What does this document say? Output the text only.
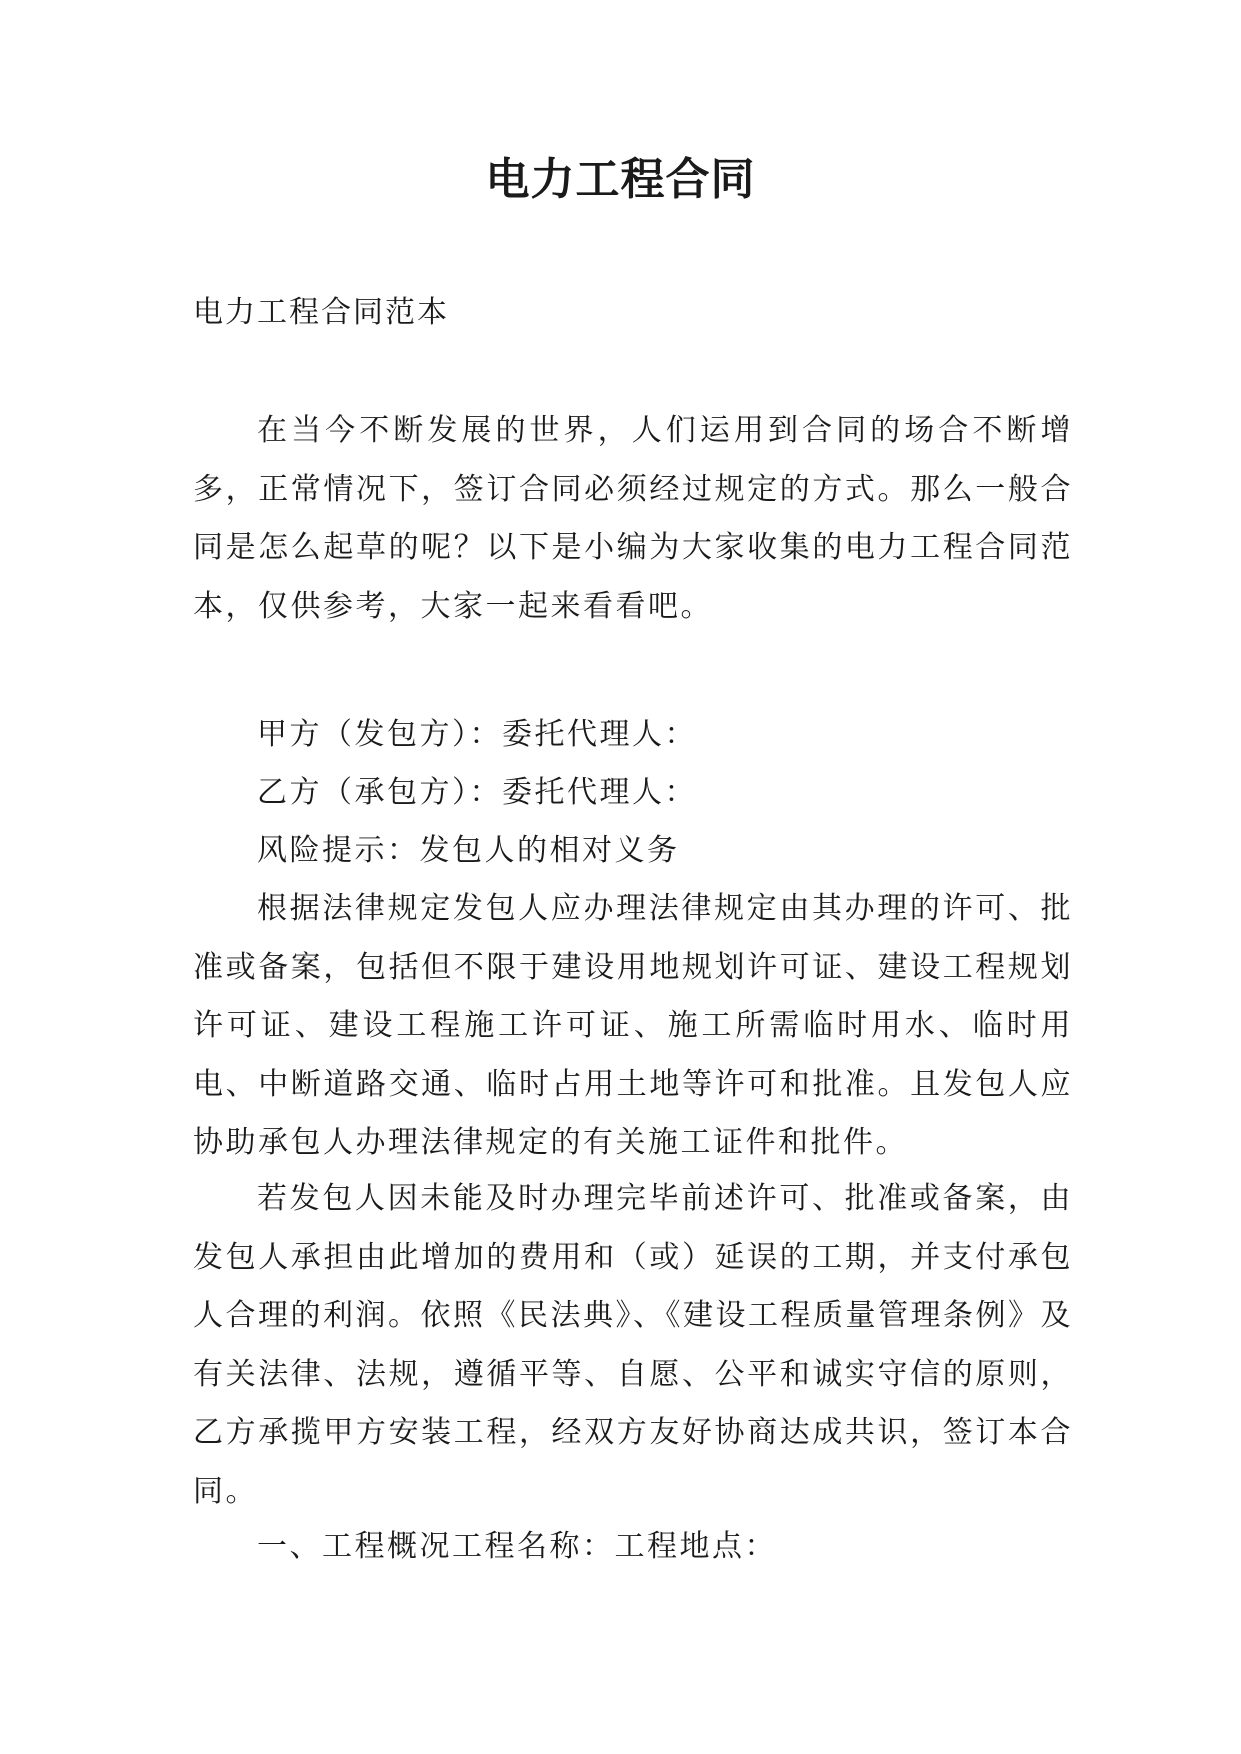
电力工程合同

电力工程合同范本

在当今不断发展的世界，人们运用到合同的场合不断增多，正常情况下，签订合同必须经过规定的方式。那么一般合同是怎么起草的呢？以下是小编为大家收集的电力工程合同范本，仅供参考，大家一起来看看吧。

甲方（发包方）：委托代理人：

乙方（承包方）：委托代理人：

风险提示：发包人的相对义务

根据法律规定发包人应办理法律规定由其办理的许可、批准或备案，包括但不限于建设用地规划许可证、建设工程规划许可证、建设工程施工许可证、施工所需临时用水、临时用电、中断道路交通、临时占用土地等许可和批准。且发包人应协助承包人办理法律规定的有关施工证件和批件。

若发包人因未能及时办理完毕前述许可、批准或备案，由发包人承担由此增加的费用和（或）延误的工期，并支付承包人合理的利润。依照《民法典》、《建设工程质量管理条例》及有关法律、法规，遵循平等、自愿、公平和诚实守信的原则，乙方承揽甲方安装工程，经双方友好协商达成共识，签订本合同。

一、工程概况工程名称：工程地点：
